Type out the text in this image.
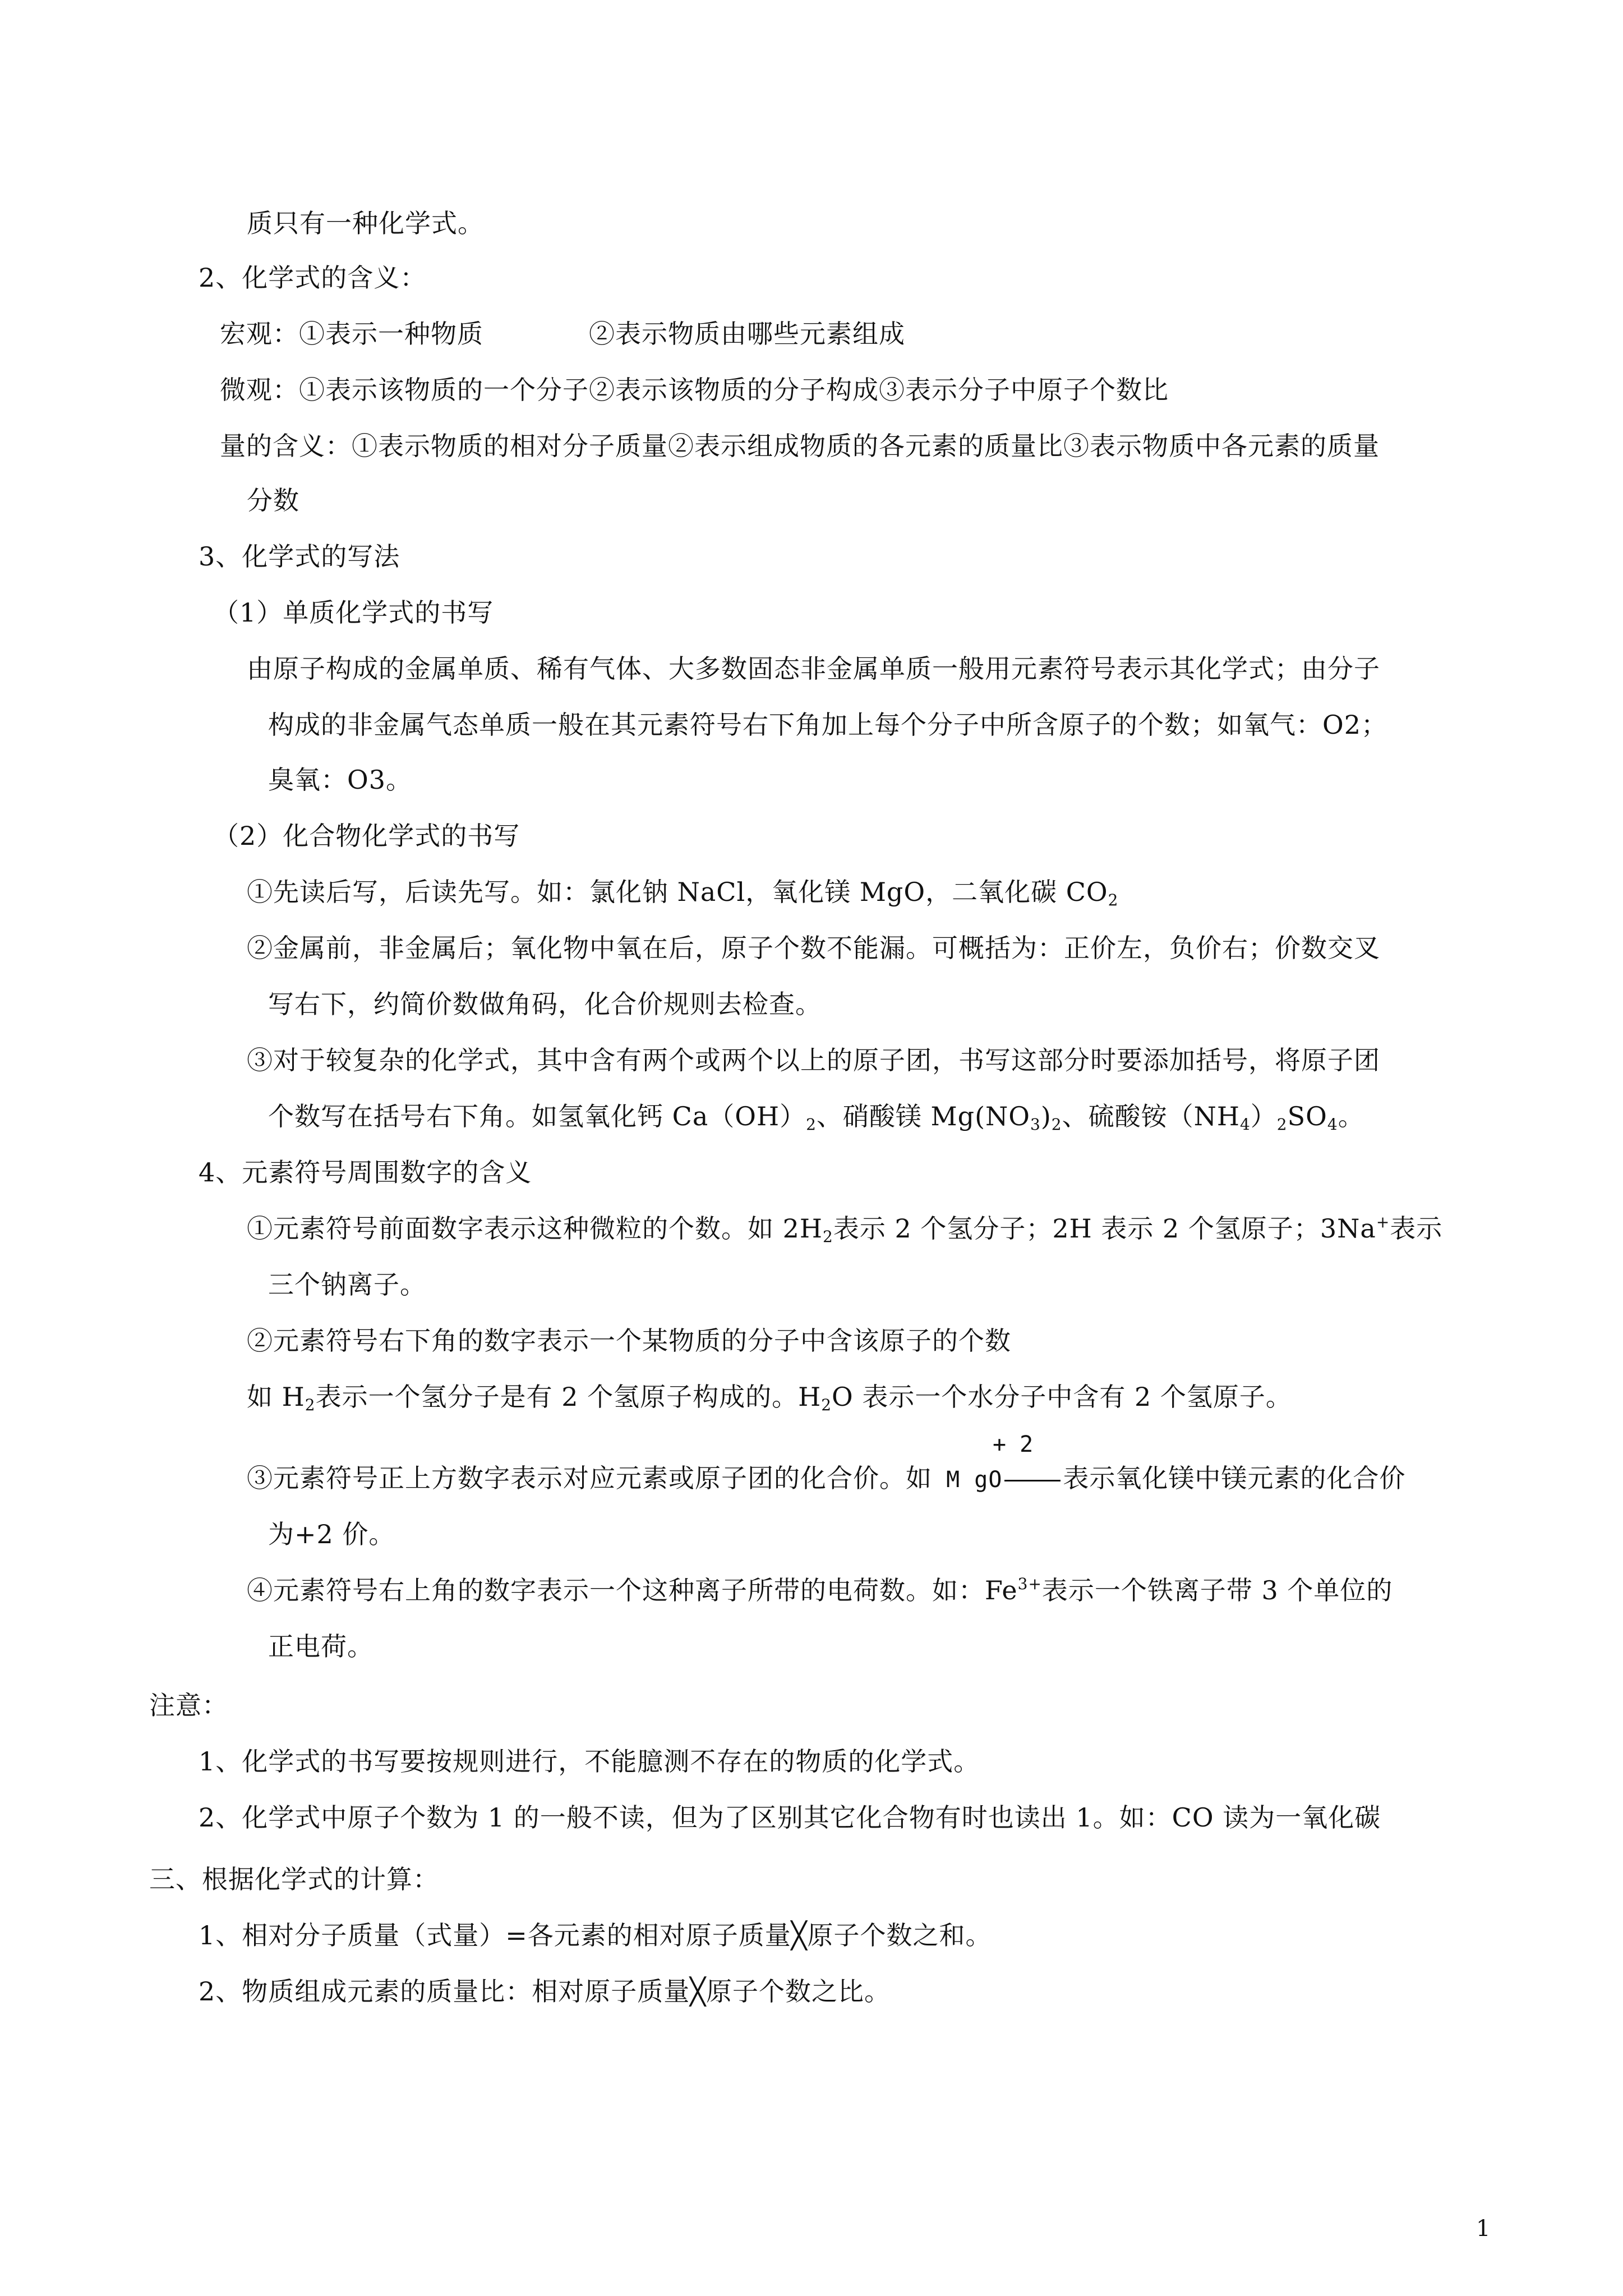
质只有一种化学式。
2、化学式的含义：
宏观：①表示一种物质　　　　②表示物质由哪些元素组成
微观：①表示该物质的一个分子②表示该物质的分子构成③表示分子中原子个数比
量的含义：①表示物质的相对分子质量②表示组成物质的各元素的质量比③表示物质中各元素的质量
分数
3、化学式的写法
（1）单质化学式的书写
由原子构成的金属单质、稀有气体、大多数固态非金属单质一般用元素符号表示其化学式；由分子
构成的非金属气态单质一般在其元素符号右下角加上每个分子中所含原子的个数；如氧气：O2；
臭氧：O3。
（2）化合物化学式的书写
①先读后写，后读先写。如：氯化钠 NaCl，氧化镁 MgO，二氧化碳 $CO_2$
②金属前，非金属后；氧化物中氧在后，原子个数不能漏。可概括为：正价左，负价右；价数交叉
写右下，约简价数做角码，化合价规则去检查。
③对于较复杂的化学式，其中含有两个或两个以上的原子团，书写这部分时要添加括号，将原子团
个数写在括号右下角。如氢氧化钙 $Ca(OH)_2$、硝酸镁 $Mg(NO_3)_2$、硫酸铵$(NH_4)_2SO_4$。
4、元素符号周围数字的含义
①元素符号前面数字表示这种微粒的个数。如 $2H_2$表示 2 个氢分子；2H 表示 2 个氢原子；3Na+表示
三个钠离子。
②元素符号右下角的数字表示一个某物质的分子中含该原子的个数
如 $H_2$表示一个氢分子是有 2 个氢原子构成的。$H_2O$ 表示一个水分子中含有 2 个氢原子。
+ 2
③元素符号正上方数字表示对应元素或原子团的化合价。如 M gO 表示氧化镁中镁元素的化合价
为+2 价。
④元素符号右上角的数字表示一个这种离子所带的电荷数。如：$Fe^{3+}$表示一个铁离子带 3 个单位的
正电荷。
注意：
1、化学式的书写要按规则进行，不能臆测不存在的物质的化学式。
2、化学式中原子个数为 1 的一般不读，但为了区别其它化合物有时也读出 1。如：CO 读为一氧化碳
三、根据化学式的计算：
1、相对分子质量（式量）=各元素的相对原子质量╳原子个数之和。
2、物质组成元素的质量比：相对原子质量╳原子个数之比。
1
